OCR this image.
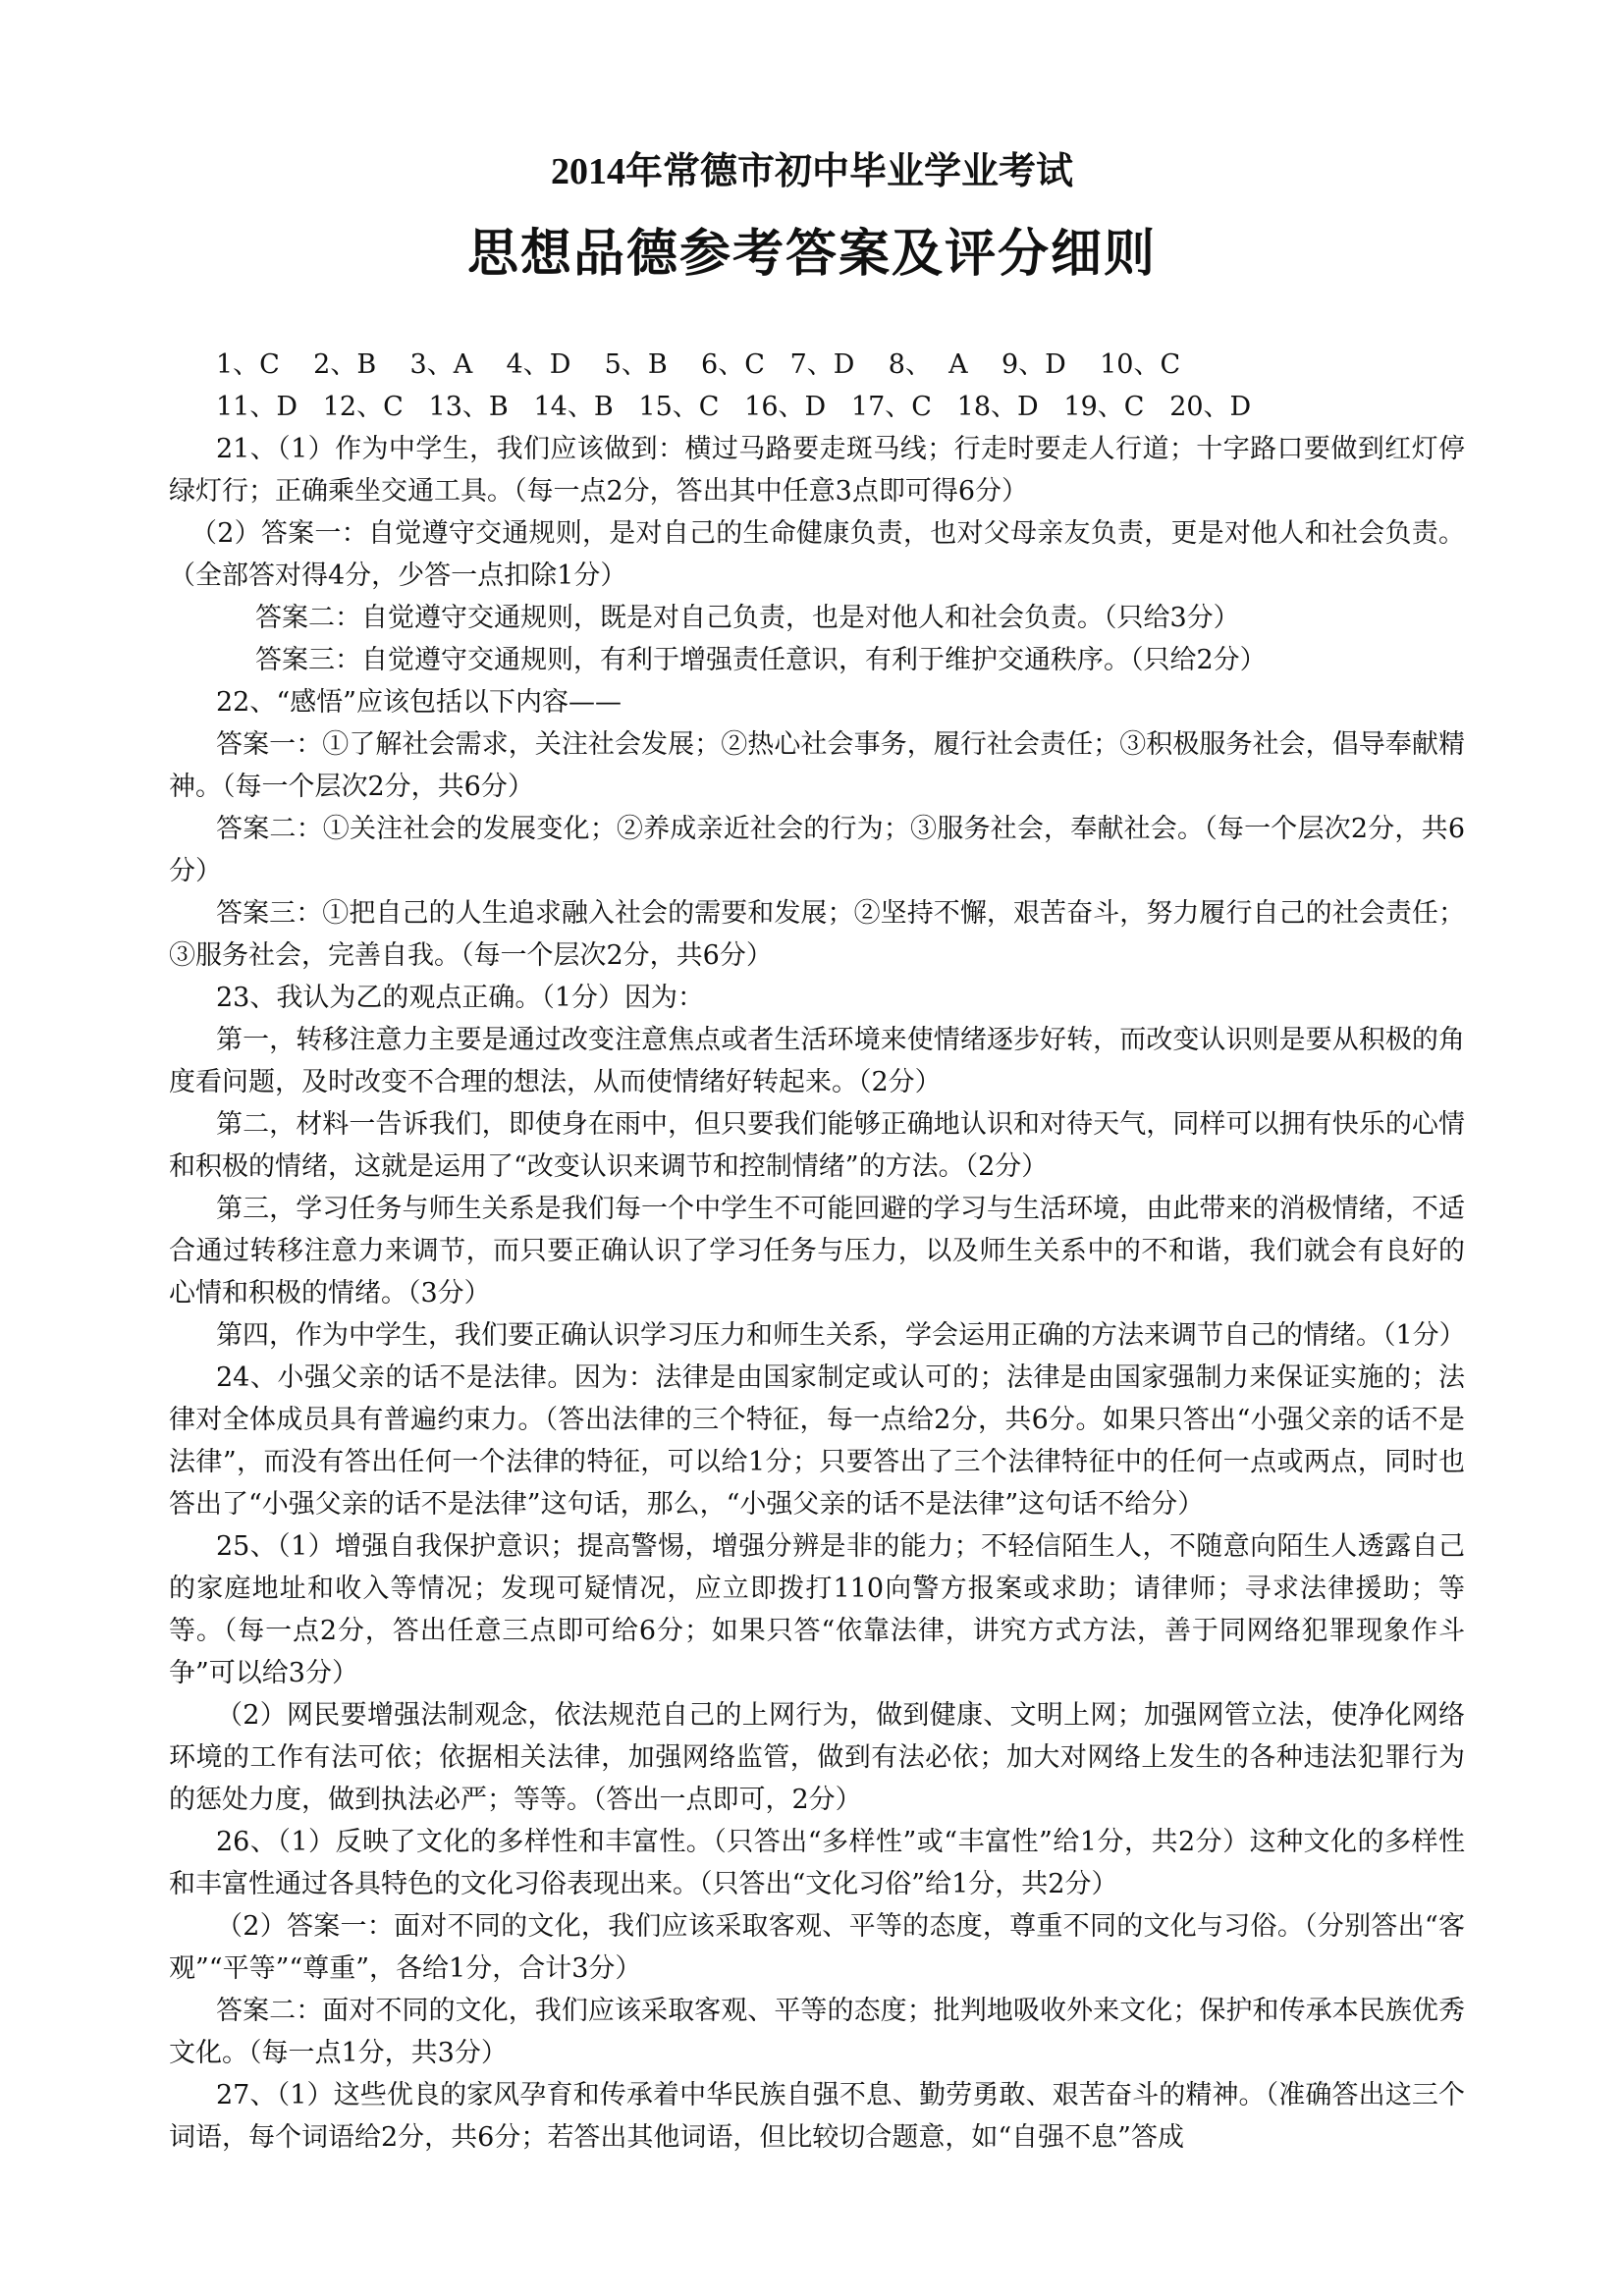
2014年常德市初中毕业学业考试
思想品德参考答案及评分细则

1、C    2、B    3、A    4、D    5、B    6、C   7、D    8、  A    9、D    10、C

11、D   12、C   13、B   14、B   15、C   16、D   17、C   18、D   19、C   20、D

21、（1）作为中学生，我们应该做到：横过马路要走斑马线；行走时要走人行道；十字路口要做到红灯停 绿灯行；正确乘坐交通工具。（每一点2分，答出其中任意3点即可得6分）

（2）答案一：自觉遵守交通规则，是对自己的生命健康负责，也对父母亲友负责，更是对他人和社会负责。（全部答对得4分，少答一点扣除1分）

答案二：自觉遵守交通规则，既是对自己负责，也是对他人和社会负责。（只给3分）

答案三：自觉遵守交通规则，有利于增强责任意识，有利于维护交通秩序。（只给2分）

22、“感悟”应该包括以下内容——

答案一：①了解社会需求，关注社会发展；②热心社会事务，履行社会责任；③积极服务社会，倡导奉献精神。（每一个层次2分，共6分）

答案二：①关注社会的发展变化；②养成亲近社会的行为；③服务社会，奉献社会。（每一个层次2分，共6分）

答案三：①把自己的人生追求融入社会的需要和发展；②坚持不懈，艰苦奋斗，努力履行自己的社会责任；③服务社会，完善自我。（每一个层次2分，共6分）

23、我认为乙的观点正确。（1分）因为：

第一，转移注意力主要是通过改变注意焦点或者生活环境来使情绪逐步好转，而改变认识则是要从积极的角度看问题，及时改变不合理的想法，从而使情绪好转起来。（2分）

第二，材料一告诉我们，即使身在雨中，但只要我们能够正确地认识和对待天气，同样可以拥有快乐的心情和积极的情绪，这就是运用了“改变认识来调节和控制情绪”的方法。（2分）

第三，学习任务与师生关系是我们每一个中学生不可能回避的学习与生活环境，由此带来的消极情绪，不适合通过转移注意力来调节，而只要正确认识了学习任务与压力，以及师生关系中的不和谐，我们就会有良好的心情和积极的情绪。（3分）

第四，作为中学生，我们要正确认识学习压力和师生关系，学会运用正确的方法来调节自己的情绪。（1分）

24、小强父亲的话不是法律。因为：法律是由国家制定或认可的；法律是由国家强制力来保证实施的；法律对全体成员具有普遍约束力。（答出法律的三个特征，每一点给2分，共6分。如果只答出“小强父亲的话不是法律”，而没有答出任何一个法律的特征，可以给1分；只要答出了三个法律特征中的任何一点或两点，同时也答出了“小强父亲的话不是法律”这句话，那么，“小强父亲的话不是法律”这句话不给分）

25、（1）增强自我保护意识；提高警惕，增强分辨是非的能力；不轻信陌生人，不随意向陌生人透露自己的家庭地址和收入等情况；发现可疑情况，应立即拨打110向警方报案或求助；请律师；寻求法律援助；等等。（每一点2分，答出任意三点即可给6分；如果只答“依靠法律，讲究方式方法，善于同网络犯罪现象作斗争”可以给3分）

（2）网民要增强法制观念，依法规范自己的上网行为，做到健康、文明上网；加强网管立法，使净化网络环境的工作有法可依；依据相关法律，加强网络监管，做到有法必依；加大对网络上发生的各种违法犯罪行为的惩处力度，做到执法必严；等等。（答出一点即可，2分）

26、（1）反映了文化的多样性和丰富性。（只答出“多样性”或“丰富性”给1分，共2分）这种文化的多样性和丰富性通过各具特色的文化习俗表现出来。（只答出“文化习俗”给1分，共2分）

（2）答案一：面对不同的文化，我们应该采取客观、平等的态度，尊重不同的文化与习俗。（分别答出“客观”“平等”“尊重”，各给1分，合计3分）

答案二：面对不同的文化，我们应该采取客观、平等的态度；批判地吸收外来文化；保护和传承本民族优秀文化。（每一点1分，共3分）

27、（1）这些优良的家风孕育和传承着中华民族自强不息、勤劳勇敢、艰苦奋斗的精神。（准确答出这三个词语，每个词语给2分，共6分；若答出其他词语，但比较切合题意，如“自强不息”答成
